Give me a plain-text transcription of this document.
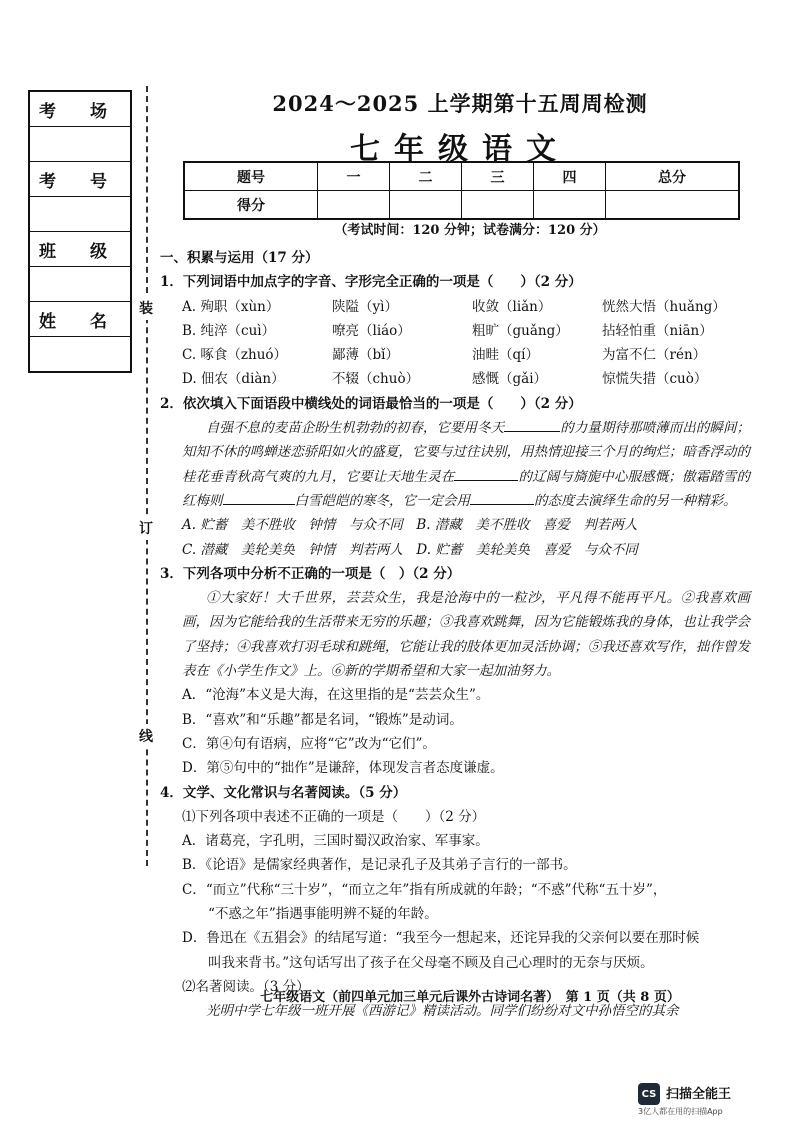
考 场
考 号
班 级
姓 名
装
订
线
2024～2025 上学期第十五周周检测
七年级语文
题号	一	二	三	四	总分
得分					
（考试时间：120 分钟；试卷满分：120 分）
一、积累与运用（17 分）
1．下列词语中加点字的字音、字形完全正确的一项是（　　）（2 分）
A. 殉职（xùn）	陕隘（yì）	收敛（liǎn）	恍然大悟（huǎng）
B. 纯淬（cuì）	嘹亮（liáo）	粗旷（guǎng）	拈轻怕重（niān）
C. 啄食（zhuó）	鄙薄（bǐ）	油畦（qí）	为富不仁（rén）
D. 佃农（diàn）	不辍（chuò）	感慨（gǎi）	惊慌失措（cuò）
2．依次填入下面语段中横线处的词语最恰当的一项是（　　）（2 分）
自强不息的麦苗企盼生机勃勃的初春，它要用冬天	的力量期待那喷薄而出的瞬间；知知不休的鸣蝉迷恋骄阳如火的盛夏，它要与过往诀别，用热情迎接三个月的绚烂；暗香浮动的桂花垂青秋高气爽的九月，它要让天地生灵在	的辽阔与旖旎中心服感慨；傲霜踏雪的红梅则	白雪皑皑的寒冬，它一定会用	的态度去演绎生命的另一种精彩。
A. 贮蓄　美不胜收　钟情　与众不同　B. 潜藏　美不胜收　喜爱　判若两人
C. 潜藏　美轮美奂　钟情　判若两人　D. 贮蓄　美轮美奂　喜爱　与众不同
3．下列各项中分析不正确的一项是（　）（2 分）
①大家好！大千世界，芸芸众生，我是沧海中的一粒沙，平凡得不能再平凡。②我喜欢画画，因为它能给我的生活带来无穷的乐趣；③我喜欢跳舞，因为它能锻炼我的身体，也让我学会了坚持；④我喜欢打羽毛球和跳绳，它能让我的肢体更加灵活协调；⑤我还喜欢写作，拙作曾发表在《小学生作文》上。⑥新的学期希望和大家一起加油努力。
A．“沧海”本义是大海，在这里指的是“芸芸众生”。
B．“喜欢”和“乐趣”都是名词，“锻炼”是动词。
C．第④句有语病，应将“它”改为“它们”。
D．第⑤句中的“拙作”是谦辞，体现发言者态度谦虚。
4．文学、文化常识与名著阅读。（5 分）
⑴下列各项中表述不正确的一项是（　　）（2 分）
A．诸葛亮，字孔明，三国时蜀汉政治家、军事家。
B．《论语》是儒家经典著作，是记录孔子及其弟子言行的一部书。
C．“而立”代称“三十岁”，“而立之年”指有所成就的年龄；“不惑”代称“五十岁”，
“不惑之年”指遇事能明辨不疑的年龄。
D．鲁迅在《五猖会》的结尾写道：“我至今一想起来，还诧异我的父亲何以要在那时候
叫我来背书。”这句话写出了孩子在父母毫不顾及自己心理时的无奈与厌烦。
⑵名著阅读。（3 分）
光明中学七年级一班开展《西游记》精读活动。同学们纷纷对文中孙悟空的其余
七年级语文（前四单元加三单元后课外古诗词名著）　第 1 页（共 8 页）
CS 扫描全能王
3亿人都在用的扫描App
